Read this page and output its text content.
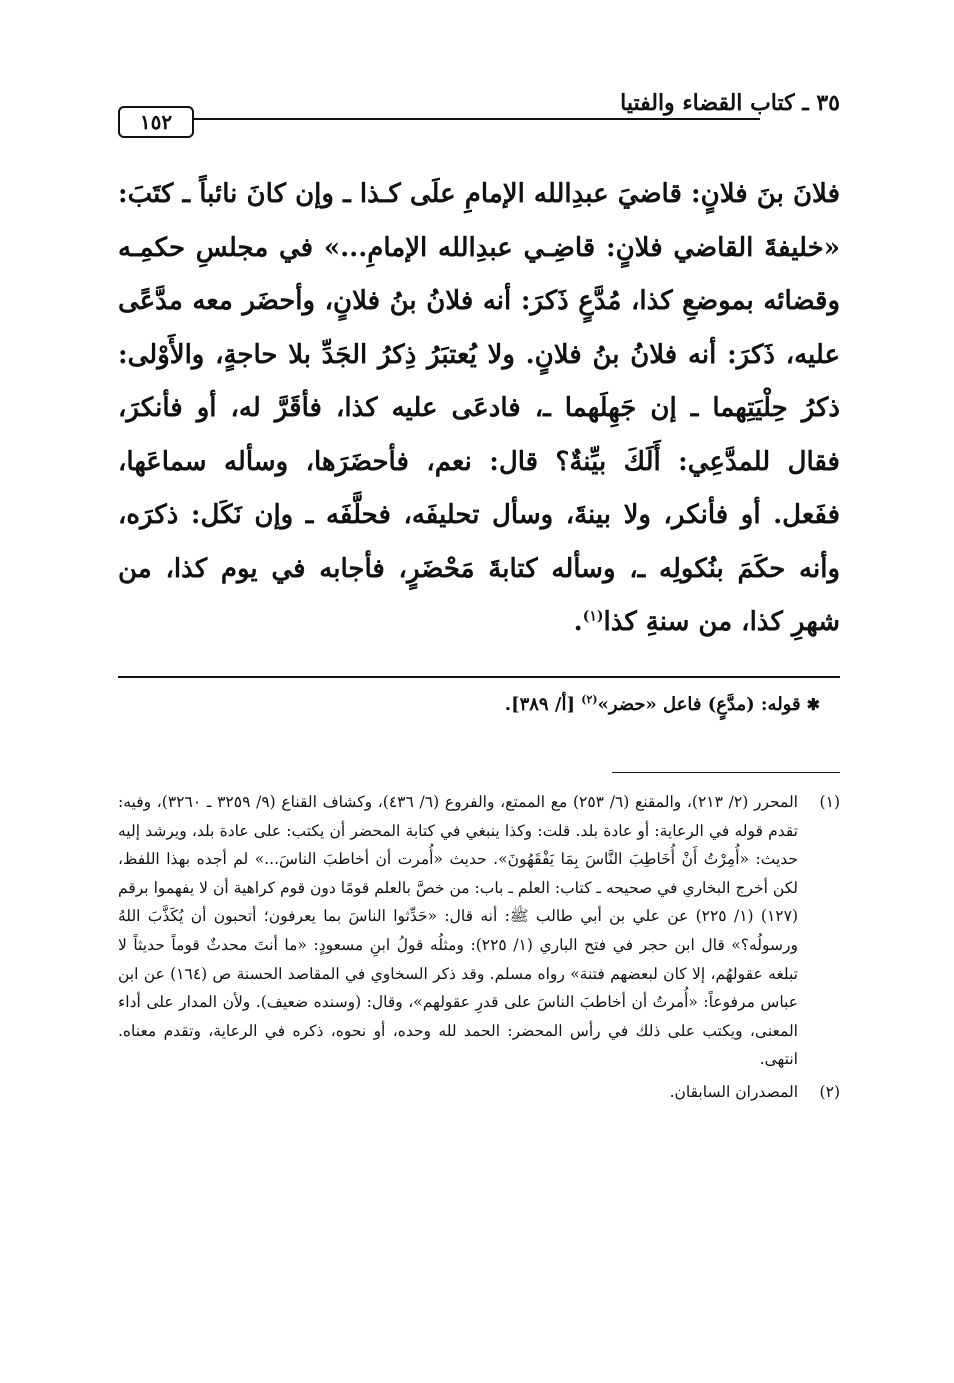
٣٥ ـ كتاب القضاء والفتيا
١٥٢
فلانَ بنَ فلانٍ: قاضيَ عبدِالله الإمامِ علَى كـذا ـ وإن كانَ نائباً ـ كتَبَ: «خليفةَ القاضي فلانٍ: قاضِـي عبدِالله الإمامِ...» في مجلسِ حكمِـه وقضائه بموضعِ كذا، مُدَّعٍ ذَكرَ: أنه فلانُ بنُ فلانٍ، وأحضَر معه مدَّعًى عليه، ذَكرَ: أنه فلانُ بنُ فلانٍ. ولا يُعتبَرُ ذِكرُ الجَدِّ بلا حاجةٍ، والأَوْلى: ذكرُ حِلْيَتِهما ـ إن جَهِلَهما ـ، فادعَى عليه كذا، فأقَرَّ له، أو فأنكرَ، فقال للمدَّعِي: أَلَكَ بيِّنةٌ؟ قال: نعم، فأحضَرَها، وسأله سماعَها، ففَعل. أو فأنكر، ولا بينةَ، وسأل تحليفَه، فحلَّفَه ـ وإن نَكَل: ذكرَه، وأنه حكَمَ بنُكولِه ـ، وسأله كتابةَ مَحْضَرٍ، فأجابه في يوم كذا، من شهرِ كذا، من سنةِ كذا$^{(١)}$.
✱قوله: (مدَّعٍ) فاعل «حضر»$^{(٢)}$ [أ/ ٣٨٩].
(١)
المحرر (٢/ ٢١٣)، والمقنع (٦/ ٢٥٣) مع الممتع، والفروع (٦/ ٤٣٦)، وكشاف القناع (٩/ ٣٢٥٩ ـ ٣٢٦٠)، وفيه: تقدم قوله في الرعاية: أو عادة بلد. قلت: وكذا ينبغي في كتابة المحضر أن يكتب: على عادة بلد، ويرشد إليه حديث: «أُمِرْتُ أَنْ أُخَاطِبَ النَّاسَ بِمَا يَفْقَهُونَ». حديث «أُمرت أن أخاطبَ الناسَ...» لم أجده بهذا اللفظ، لكن أخرج البخاري في صحيحه ـ كتاب: العلم ـ باب: من خصَّ بالعلم قومًا دون قوم كراهية أن لا يفهموا برقم (١٢٧) (١/ ٢٢٥) عن علي بن أبي طالب ﷺ: أنه قال: «حَدِّثوا الناسَ بما يعرفون؛ أتحبون أن يُكَذَّبَ اللهُ ورسولُه؟» قال ابن حجر في فتح الباري (١/ ٢٢٥): ومثلُه قولُ ابنِ مسعودٍ: «ما أنتَ محدثٌ قوماً حديثاً لا تبلغه عقولهُم، إلا كان لبعضهم فتنة» رواه مسلم. وقد ذكر السخاوي في المقاصد الحسنة ص (١٦٤) عن ابن عباس مرفوعاً: «أُمرتُ أن أخاطبَ الناسَ على قدرِ عقولهم»، وقال: (وسنده ضعيف). ولأن المدار على أداء المعنى، ويكتب على ذلك في رأس المحضر: الحمد لله وحده، أو نحوه، ذكره في الرعاية، وتقدم معناه. انتهى.
(٢)
المصدران السابقان.
